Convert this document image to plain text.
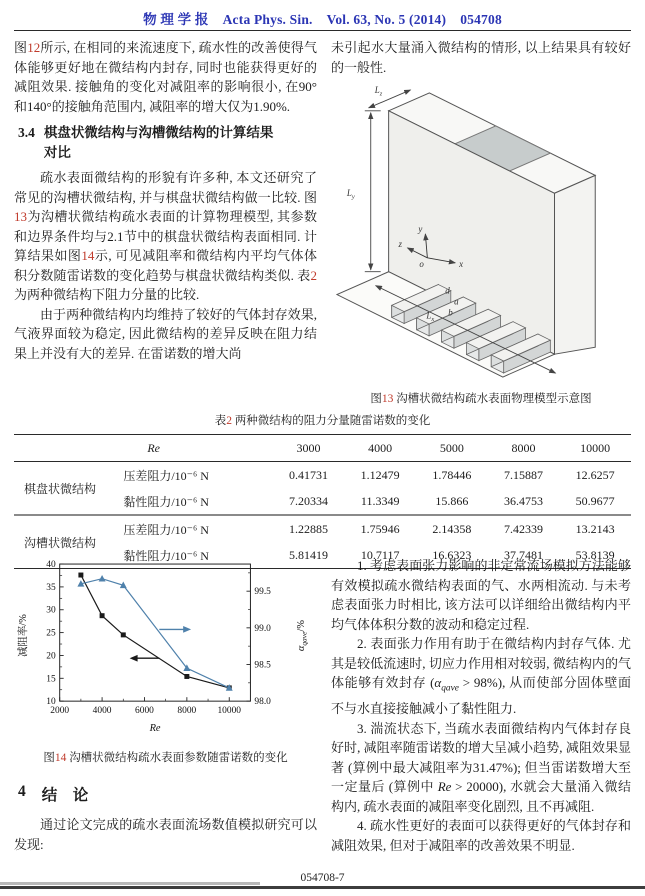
物 理 学 报 Acta Phys. Sin. Vol. 63, No. 5 (2014) 054708

图12所示, 在相同的来流速度下, 疏水性的改善使得气体能够更好地在微结构内封存, 同时也能获得更好的减阻效果. 接触角的变化对减阻率的影响很小, 在90°和140°的接触角范围内, 减阻率的增大仅为1.90%.

3.4 棋盘状微结构与沟槽微结构的计算结果对比

疏水表面微结构的形貌有许多种, 本文还研究了常见的沟槽状微结构, 并与棋盘状微结构做一比较. 图13为沟槽状微结构疏水表面的计算物理模型, 其参数和边界条件均与2.1节中的棋盘状微结构表面相同. 计算结果如图14示, 可见减阻率和微结构内平均气体体积分数随雷诺数的变化趋势与棋盘状微结构类似. 表2为两种微结构下阻力分量的比较.

由于两种微结构内均维持了较好的气体封存效果, 气液界面较为稳定, 因此微结构的差异反映在阻力结果上并没有大的差异. 在雷诺数的增大尚

未引起水大量涌入微结构的情形, 以上结果具有较好的一般性.

$L_y$
$L_z$
$L_x$
y
x
z
o
d
a
b
图13 沟槽状微结构疏水表面物理模型示意图
表2 两种微结构的阻力分量随雷诺数的变化
	Re	3000	4000	5000	8000	10000
棋盘状微结构	压差阻力/10⁻⁶ N	0.41731	1.12479	1.78446	7.15887	12.6257
	黏性阻力/10⁻⁶ N	7.20334	11.3349	15.866	36.4753	50.9677
沟槽状微结构	压差阻力/10⁻⁶ N	1.22885	1.75946	2.14358	7.42339	13.2143
	黏性阻力/10⁻⁶ N	5.81419	10.7117	16.6323	37.7481	53.8139
2000 4000 6000 8000 10000
10
15
20
25
30
35
40
98.0
98.5
99.0
99.5
减阻率/%	$\alpha_{qave}/\%$
Re
图14 沟槽状微结构疏水表面参数随雷诺数的变化
4 结　论

通过论文完成的疏水表面流场数值模拟研究可以发现:

1. 考虑表面张力影响的非定常流场模拟方法能够有效模拟疏水微结构表面的气、水两相流动. 与未考虑表面张力时相比, 该方法可以详细给出微结构内平均气体体积分数的波动和稳定过程.

2. 表面张力作用有助于在微结构内封存气体. 尤其是较低流速时, 切应力作用相对较弱, 微结构内的气体能够有效封存 $(\alpha_{qave} > 98\%)$, 从而使部分固体壁面不与水直接接触减小了黏性阻力.

3. 湍流状态下, 当疏水表面微结构内气体封存良好时, 减阻率随雷诺数的增大呈减小趋势, 减阻效果显著 (算例中最大减阻率为31.47%); 但当雷诺数增大至一定量后 (算例中 Re > 20000), 水就会大量涌入微结构内, 疏水表面的减阻率变化剧烈, 且不再减阻.

4. 疏水性更好的表面可以获得更好的气体封存和减阻效果, 但对于减阻率的改善效果不明显.

054708-7
